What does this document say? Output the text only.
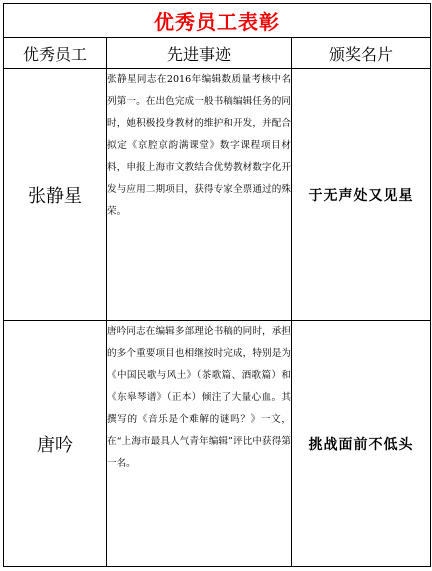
优秀员工表彰		
优秀员工	先进事迹	颁奖名片
张静星	张静星同志在2016年编辑数质量考核中名列第一。在出色完成一般书稿编辑任务的同时，她积极投身教材的维护和开发，并配合拟定《京腔京韵满课堂》数字课程项目材料，申报上海市文教结合优势教材数字化开发与应用二期项目，获得专家全票通过的殊荣。	于无声处又见星
唐吟	唐吟同志在编辑多部理论书稿的同时，承担的多个重要项目也相继按时完成，特别是为《中国民歌与风土》（茶歌篇、酒歌篇）和《东皋琴谱》（正本）倾注了大量心血。其撰写的《音乐是个难解的谜吗？》一文，在“上海市最具人气青年编辑”评比中获得第一名。	挑战面前不低头
